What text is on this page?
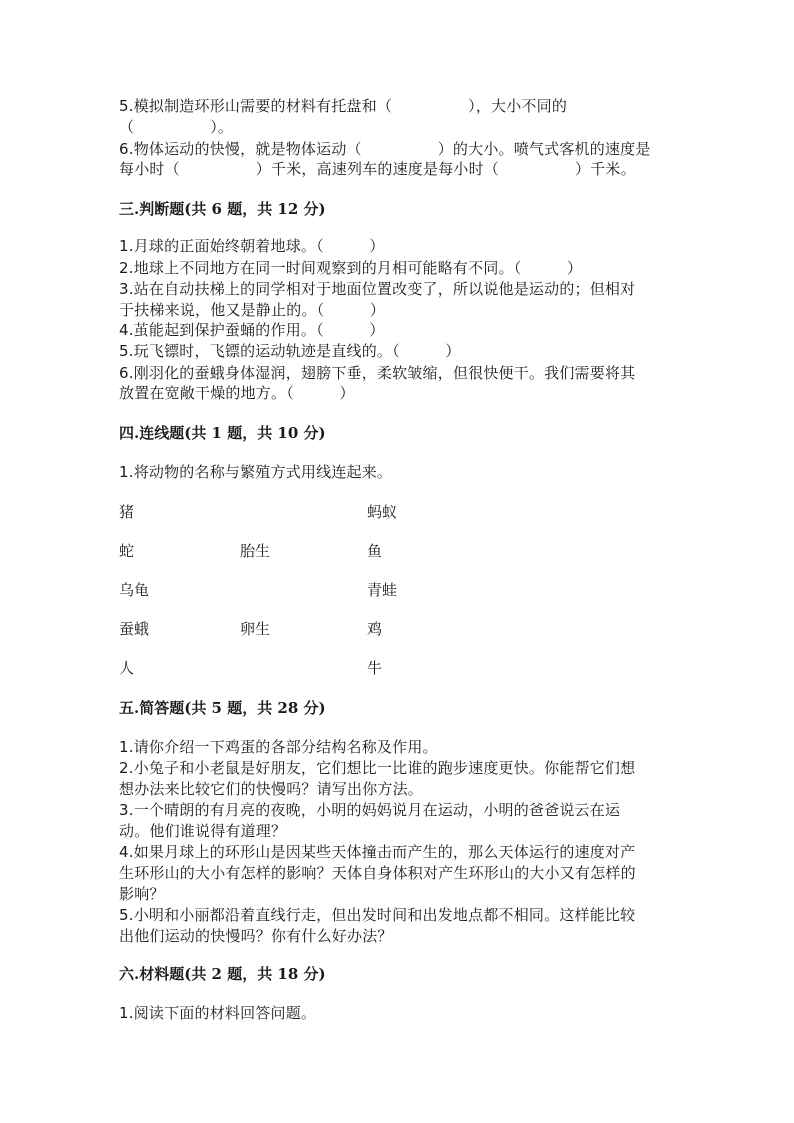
5.模拟制造环形山需要的材料有托盘和（　　　　　），大小不同的
（　　　　　）。
6.物体运动的快慢，就是物体运动（　　　　　）的大小。喷气式客机的速度是
每小时（　　　　　）千米，高速列车的速度是每小时（　　　　　）千米。
三.判断题(共 6 题，共 12 分)
1.月球的正面始终朝着地球。（　　　）
2.地球上不同地方在同一时间观察到的月相可能略有不同。（　　　）
3.站在自动扶梯上的同学相对于地面位置改变了，所以说他是运动的；但相对
于扶梯来说，他又是静止的。（　　　）
4.茧能起到保护蚕蛹的作用。（　　　）
5.玩飞镖时，飞镖的运动轨迹是直线的。（　　　）
6.刚羽化的蚕蛾身体湿润，翅膀下垂，柔软皱缩，但很快便干。我们需要将其
放置在宽敞干燥的地方。（　　　）
四.连线题(共 1 题，共 10 分)
1.将动物的名称与繁殖方式用线连起来。
猪
蛇
乌龟
蚕蛾
人
胎生
卵生
蚂蚁
鱼
青蛙
鸡
牛
五.简答题(共 5 题，共 28 分)
1.请你介绍一下鸡蛋的各部分结构名称及作用。
2.小兔子和小老鼠是好朋友，它们想比一比谁的跑步速度更快。你能帮它们想
想办法来比较它们的快慢吗？请写出你方法。
3.一个晴朗的有月亮的夜晚，小明的妈妈说月在运动，小明的爸爸说云在运
动。他们谁说得有道理？
4.如果月球上的环形山是因某些天体撞击而产生的，那么天体运行的速度对产
生环形山的大小有怎样的影响？天体自身体积对产生环形山的大小又有怎样的
影响？
5.小明和小丽都沿着直线行走，但出发时间和出发地点都不相同。这样能比较
出他们运动的快慢吗？你有什么好办法？
六.材料题(共 2 题，共 18 分)
1.阅读下面的材料回答问题。
